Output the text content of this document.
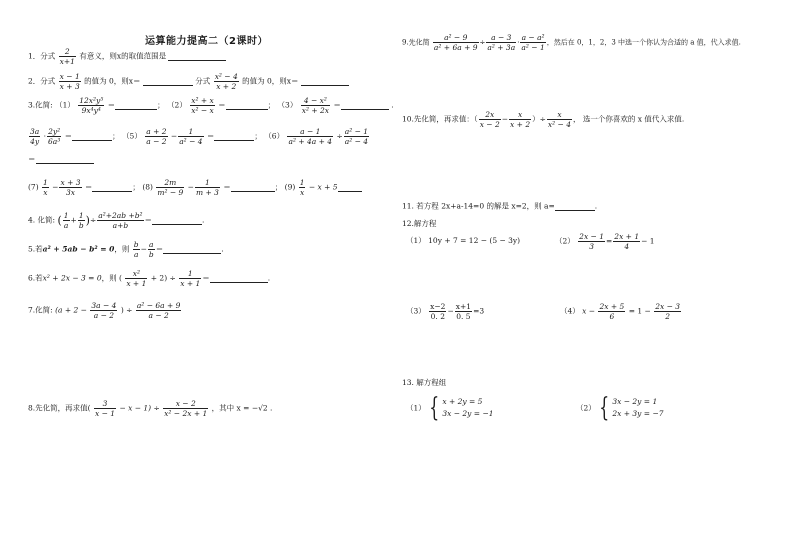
运算能力提高二（2课时）
1．分式 $\frac{2}{x+1}$ 有意义，则x的取值范围是
2．分式 $\frac{x - 1}{x + 3}$ 的值为 0，则x＝	分式 $\frac{\text{x² − 4}}{x + 2}$ 的值为 0，则x＝
3.化简: $(1) \frac{\text{12x²y⁵}}{\text{9x⁴y⁴}}$ ＝	； $(2) \frac{\text{x² + x}}{\text{x² − x}}$ ＝	； $(3) \frac{\text{4 − x²}}{\text{x² + 2x}}$ ＝	.
$\frac{3a}{4y} \cdot \frac{\text{2y²}}{\text{6a³}}$ ＝	； $(5) \frac{a + 2}{a - 2} - \frac{1}{\text{a² − 4}}$ ＝	； $(6) \frac{a - 1}{\text{a² + 4a + 4}} \div \frac{\text{a² − 1}}{\text{a² − 4}}$
＝
$(7) \frac{1}{x} - \frac{x + 3}{3x}$ ＝	； $(8) \frac{2m}{\text{m² − 9}} - \frac{1}{m + 3}$ ＝	； $(9) \frac{1}{x} - x + 5$
4. 化简: ( $\frac{1}{a} + \frac{1}{b}$ )÷ $\frac{\text{a²+2ab +b²}}{a+b}$ ＝	.
5.若a² + 5ab − b² = 0，则 $\frac{b}{a} - \frac{a}{b}$ ＝	.
6.若x² + 2x − 3 = 0，则 ( $\frac{\text{x²}}{x + 1} + 2) \div \frac{1}{x + 1}$ ＝	.
7.化简: ($a + 2 - \frac{3a - 4}{a - 2}$ ) ÷ $\frac{\text{a² − 6a + 9}}{a - 2}$
8.先化简，再求值( $\frac{3}{x - 1} - x - 1) \div \frac{x - 2}{\text{x² − 2x + 1}}$ ，其中 x = −√2 .
9.先化简 $\frac{\text{a² − 9}}{\text{a² + 6a + 9}} \div \frac{a - 3}{\text{a² + 3a}} \cdot \frac{\text{a − a²}}{\text{a² − 1}}$ ，然后在 0，1，2，3 中选一个你认为合适的 a 值，代入求值.
10.先化简，再求值：（ $\frac{2x}{x - 2} - \frac{x}{x + 2}$ ）÷ $\frac{x}{\text{x² − 4}}$ ， 选一个你喜欢的 x 值代入求值.
11. 若方程 2x+a-14=0 的解是 x=2，则 a=	.
12.解方程
（1） 10y + 7 = 12 − (5 − 3y)	$(2) \frac{2x - 1}{3} = \frac{2x + 1}{4} - 1$
$(3) \frac{x-2}{0. 2} - \frac{x+1}{0. 5} =3$	（4） $x - \frac{2x + 5}{6} = 1 - \frac{2x - 3}{2}$
13. 解方程组
（1） { x + 2y = 5
3x − 2y = −1
（2） { 3x − 2y = 1
2x + 3y = −7
